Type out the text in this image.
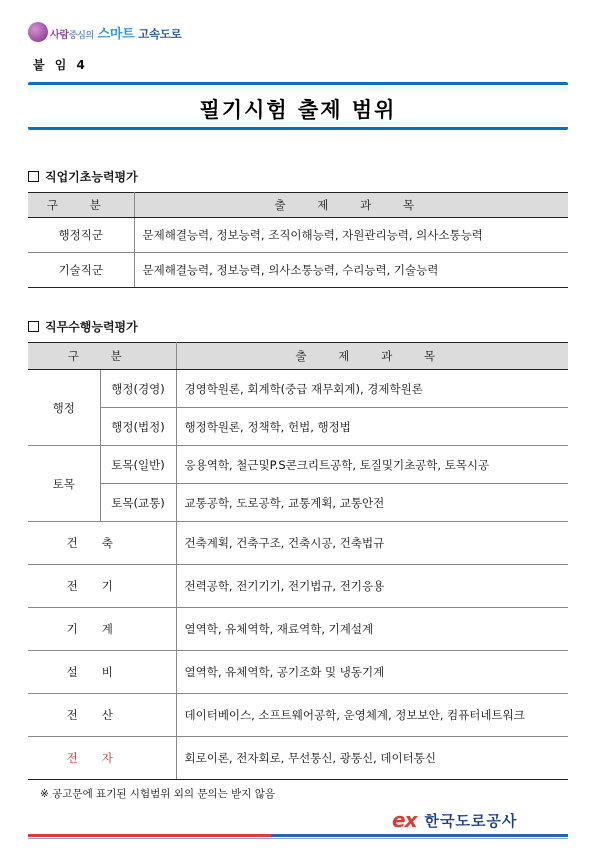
사람중심의 스마트 고속도로
붙 임 4
필기시험 출제 범위
직업기초능력평가
구 분	출 제 과 목
행정직군	문제해결능력, 정보능력, 조직이해능력, 자원관리능력, 의사소통능력
기술직군	문제해결능력, 정보능력, 의사소통능력, 수리능력, 기술능력
직무수행능력평가
구 분		출 제 과 목
행정	행정(경영)	경영학원론, 회계학(중급 재무회계), 경제학원론
	행정(법정)	행정학원론, 정책학, 헌법, 행정법
토목	토목(일반)	응용역학, 철근및P.S콘크리트공학, 토질및기초공학, 토목시공
	토목(교통)	교통공학, 도로공학, 교통계획, 교통안전
건축		건축계획, 건축구조, 건축시공, 건축법규
전기		전력공학, 전기기기, 전기법규, 전기응용
기계		열역학, 유체역학, 재료역학, 기계설계
설비		열역학, 유체역학, 공기조화 및 냉동기계
전산		데이터베이스, 소프트웨어공학, 운영체계, 정보보안, 컴퓨터네트워크
전자		회로이론, 전자회로, 무선통신, 광통신, 데이터통신
※ 공고문에 표기된 시험범위 외의 문의는 받지 않음
ex 한국도로공사
